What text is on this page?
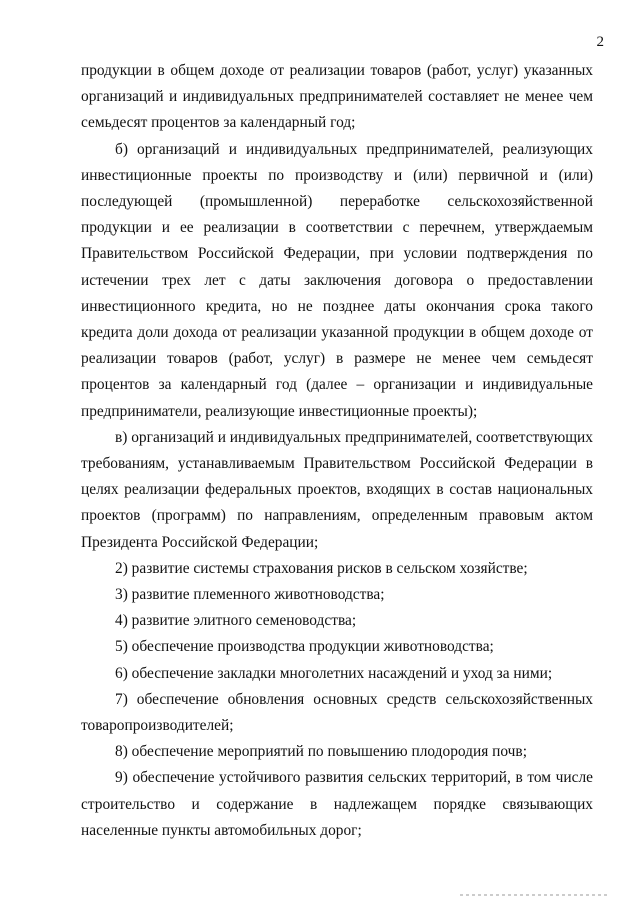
2

продукции в общем доходе от реализации товаров (работ, услуг) указанных организаций и индивидуальных предпринимателей составляет не менее чем семьдесят процентов за календарный год;

б) организаций и индивидуальных предпринимателей, реализующих инвестиционные проекты по производству и (или) первичной и (или) последующей (промышленной) переработке сельскохозяйственной продукции и ее реализации в соответствии с перечнем, утверждаемым Правительством Российской Федерации, при условии подтверждения по истечении трех лет с даты заключения договора о предоставлении инвестиционного кредита, но не позднее даты окончания срока такого кредита доли дохода от реализации указанной продукции в общем доходе от реализации товаров (работ, услуг) в размере не менее чем семьдесят процентов за календарный год (далее – организации и индивидуальные предприниматели, реализующие инвестиционные проекты);

в) организаций и индивидуальных предпринимателей, соответствующих требованиям, устанавливаемым Правительством Российской Федерации в целях реализации федеральных проектов, входящих в состав национальных проектов (программ) по направлениям, определенным правовым актом Президента Российской Федерации;

2) развитие системы страхования рисков в сельском хозяйстве;

3) развитие племенного животноводства;

4) развитие элитного семеноводства;

5) обеспечение производства продукции животноводства;

6) обеспечение закладки многолетних насаждений и уход за ними;

7) обеспечение обновления основных средств сельскохозяйственных товаропроизводителей;

8) обеспечение мероприятий по повышению плодородия почв;

9) обеспечение устойчивого развития сельских территорий, в том числе строительство и содержание в надлежащем порядке связывающих населенные пункты автомобильных дорог;
